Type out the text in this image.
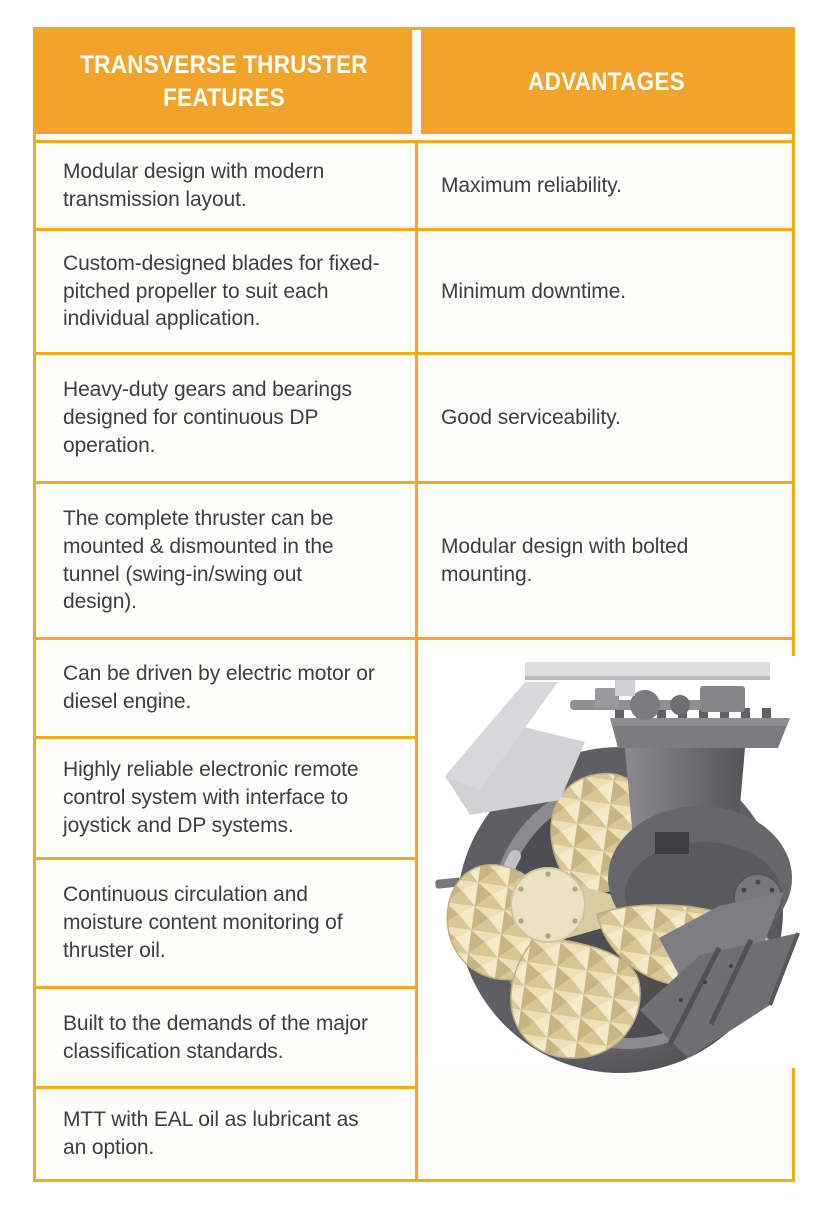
TRANSVERSE THRUSTER FEATURES
ADVANTAGES
Modular design with modern transmission layout.
Custom-designed blades for fixed-pitched propeller to suit each individual application.
Heavy-duty gears and bearings designed for continuous DP operation.
The complete thruster can be mounted & dismounted in the tunnel (swing-in/swing out design).
Can be driven by electric motor or diesel engine.
Highly reliable electronic remote control system with interface to joystick and DP systems.
Continuous circulation and moisture content monitoring of thruster oil.
Built to the demands of the major classification standards.
MTT with EAL oil as lubricant as an option.
Maximum reliability.
Minimum downtime.
Good serviceability.
Modular design with bolted mounting.
